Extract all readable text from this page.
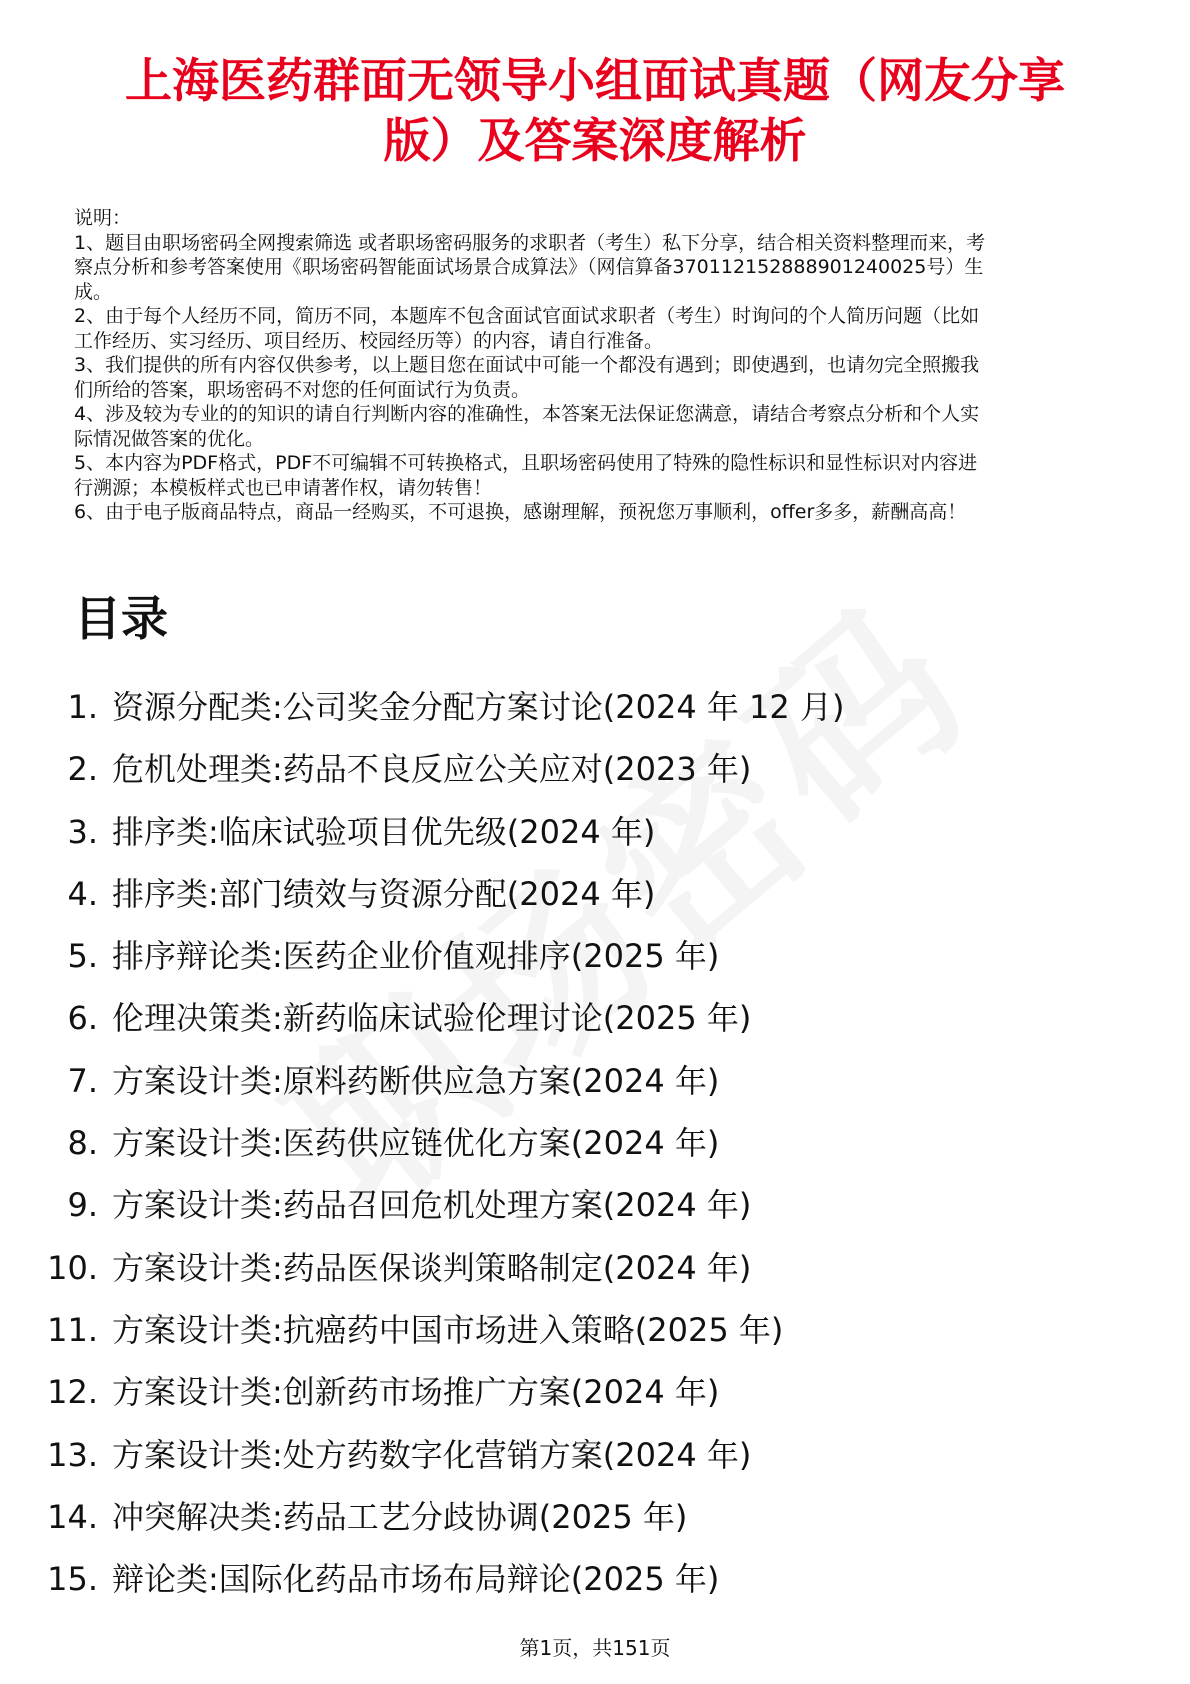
上海医药群面无领导小组面试真题（网友分享
版）及答案深度解析

说明：

1、题目由职场密码全网搜索筛选 或者职场密码服务的求职者（考生）私下分享，结合相关资料整理而来，考

察点分析和参考答案使用《职场密码智能面试场景合成算法》（网信算备370112152888901240025号）生

成。

2、由于每个人经历不同，简历不同，本题库不包含面试官面试求职者（考生）时询问的个人简历问题（比如

工作经历、实习经历、项目经历、校园经历等）的内容，请自行准备。

3、我们提供的所有内容仅供参考，以上题目您在面试中可能一个都没有遇到；即使遇到，也请勿完全照搬我

们所给的答案，职场密码不对您的任何面试行为负责。

4、涉及较为专业的的知识的请自行判断内容的准确性，本答案无法保证您满意，请结合考察点分析和个人实

际情况做答案的优化。

5、本内容为PDF格式，PDF不可编辑不可转换格式，且职场密码使用了特殊的隐性标识和显性标识对内容进

行溯源；本模板样式也已申请著作权，请勿转售！

6、由于电子版商品特点，商品一经购买，不可退换，感谢理解，预祝您万事顺利，offer多多，薪酬高高！

目录
1. 资源分配类:公司奖金分配方案讨论(2024 年 12 月)
2. 危机处理类:药品不良反应公关应对(2023 年)
3. 排序类:临床试验项目优先级(2024 年)
4. 排序类:部门绩效与资源分配(2024 年)
5. 排序辩论类:医药企业价值观排序(2025 年)
6. 伦理决策类:新药临床试验伦理讨论(2025 年)
7. 方案设计类:原料药断供应急方案(2024 年)
8. 方案设计类:医药供应链优化方案(2024 年)
9. 方案设计类:药品召回危机处理方案(2024 年)
10. 方案设计类:药品医保谈判策略制定(2024 年)
11. 方案设计类:抗癌药中国市场进入策略(2025 年)
12. 方案设计类:创新药市场推广方案(2024 年)
13. 方案设计类:处方药数字化营销方案(2024 年)
14. 冲突解决类:药品工艺分歧协调(2025 年)
15. 辩论类:国际化药品市场布局辩论(2025 年)
第1页，共151页
